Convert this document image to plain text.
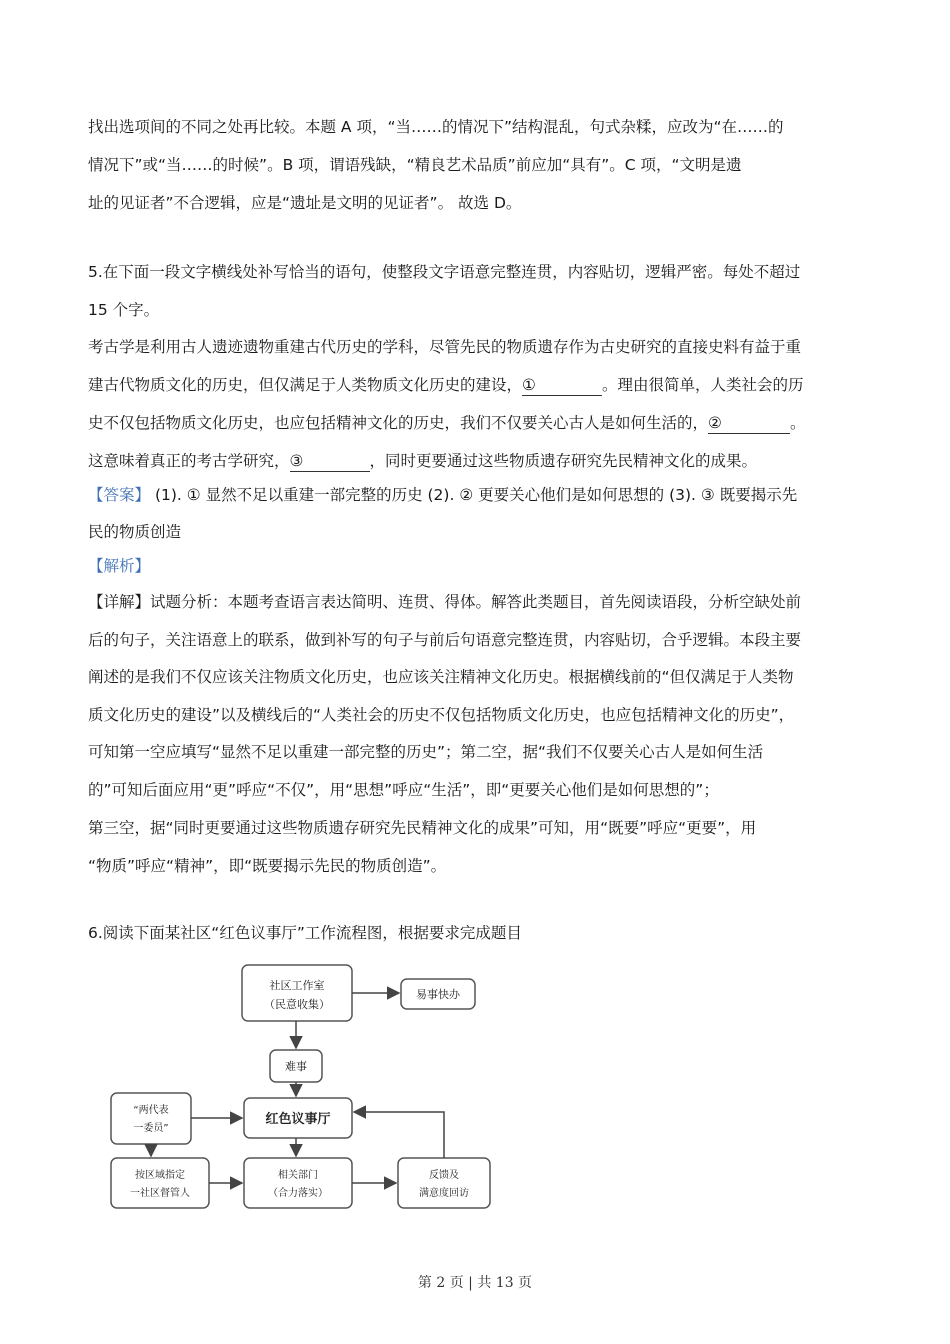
找出选项间的不同之处再比较。本题 A 项，“当……的情况下”结构混乱，句式杂糅，应改为“在……的
情况下”或“当……的时候”。B 项，谓语残缺，“精良艺术品质”前应加“具有”。C 项，“文明是遗
址的见证者”不合逻辑，应是“遗址是文明的见证者”。 故选 D。
5.在下面一段文字横线处补写恰当的语句，使整段文字语意完整连贯，内容贴切，逻辑严密。每处不超过
15 个字。
考古学是利用古人遗迹遗物重建古代历史的学科，尽管先民的物质遗存作为古史研究的直接史料有益于重
建古代物质文化的历史，但仅满足于人类物质文化历史的建设，①	。理由很简单，人类社会的历
史不仅包括物质文化历史，也应包括精神文化的历史，我们不仅要关心古人是如何生活的，②	。
这意味着真正的考古学研究，③	，同时更要通过这些物质遗存研究先民精神文化的成果。
【答案】 (1). ① 显然不足以重建一部完整的历史 (2). ② 更要关心他们是如何思想的 (3). ③ 既要揭示先
民的物质创造
【解析】
【详解】试题分析：本题考查语言表达简明、连贯、得体。解答此类题目，首先阅读语段，分析空缺处前
后的句子，关注语意上的联系，做到补写的句子与前后句语意完整连贯，内容贴切，合乎逻辑。本段主要
阐述的是我们不仅应该关注物质文化历史，也应该关注精神文化历史。根据横线前的“但仅满足于人类物
质文化历史的建设”以及横线后的“人类社会的历史不仅包括物质文化历史，也应包括精神文化的历史”，
可知第一空应填写“显然不足以重建一部完整的历史”；第二空，据“我们不仅要关心古人是如何生活
的”可知后面应用“更”呼应“不仅”，用“思想”呼应“生活”，即“更要关心他们是如何思想的”；
第三空，据“同时更要通过这些物质遗存研究先民精神文化的成果”可知，用“既要”呼应“更要”，用
“物质”呼应“精神”，即“既要揭示先民的物质创造”。
6.阅读下面某社区“红色议事厅”工作流程图，根据要求完成题目
社区工作室
（民意收集）
易事快办
难事
红色议事厅
“两代表
一委员”
按区域指定
一社区督管人
相关部门
（合力落实）
反馈及
满意度回访
第 2 页 | 共 13 页
